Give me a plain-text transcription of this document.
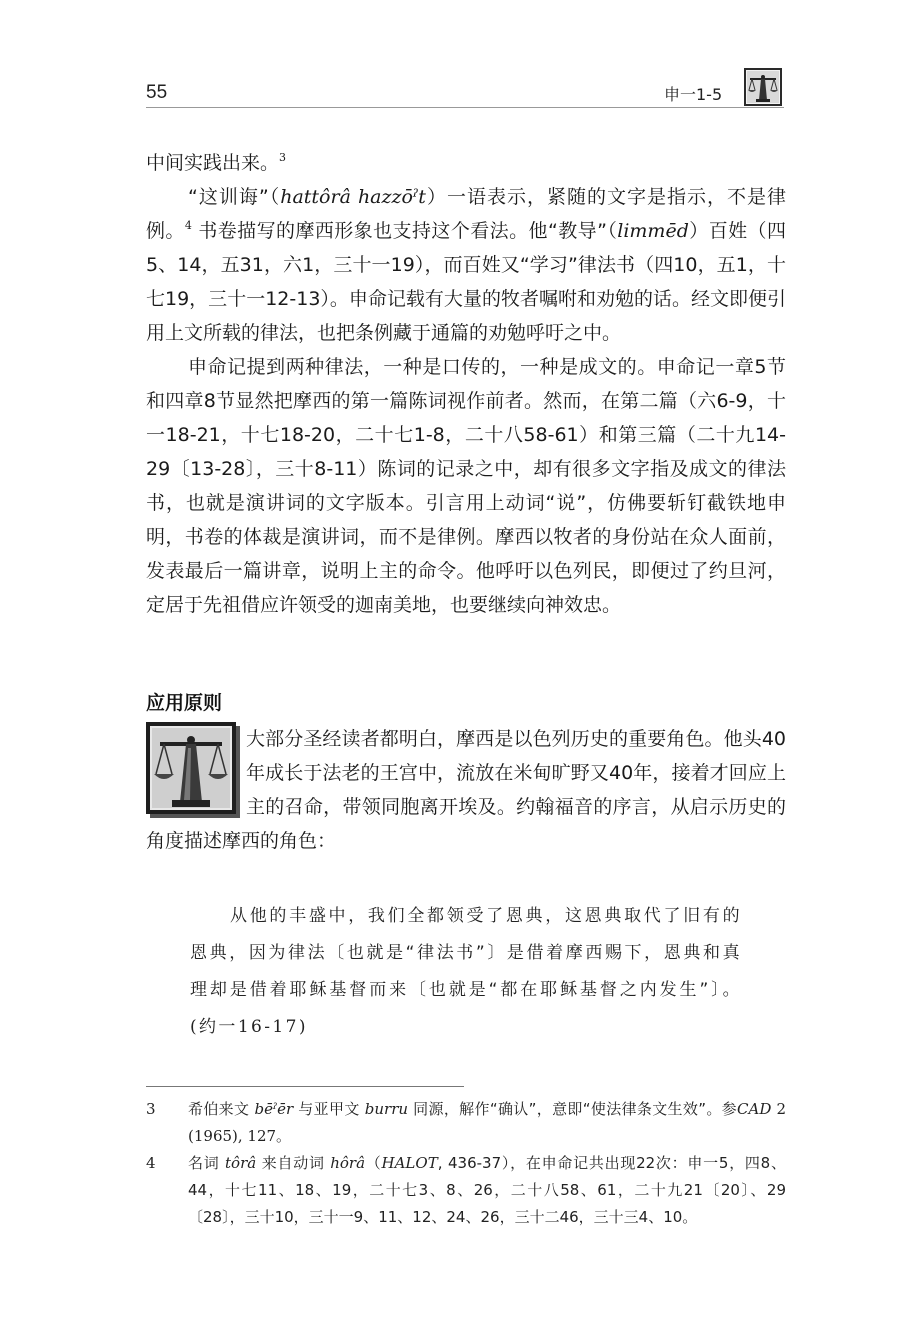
55	申一1-5

中间实践出来。$^3$

“这训诲”（hattôrâ hazzōˀt）一语表示，紧随的文字是指示，不是律例。$^4$ 书卷描写的摩西形象也支持这个看法。他“教导”（limmēd）百姓（四5、14，五31，六1，三十一19），而百姓又“学习”律法书（四10，五1，十七19，三十一12-13）。申命记载有大量的牧者嘱咐和劝勉的话。经文即便引用上文所载的律法，也把条例藏于通篇的劝勉呼吁之中。

申命记提到两种律法，一种是口传的，一种是成文的。申命记一章5节和四章8节显然把摩西的第一篇陈词视作前者。然而，在第二篇（六6-9，十一18-21，十七18-20，二十七1-8，二十八58-61）和第三篇（二十九14-29〔13-28〕，三十8-11）陈词的记录之中，却有很多文字指及成文的律法书，也就是演讲词的文字版本。引言用上动词“说”，仿佛要斩钉截铁地申明，书卷的体裁是演讲词，而不是律例。摩西以牧者的身份站在众人面前，发表最后一篇讲章，说明上主的命令。他呼吁以色列民，即便过了约旦河，定居于先祖借应许领受的迦南美地，也要继续向神效忠。

应用原则

大部分圣经读者都明白，摩西是以色列历史的重要角色。他头40年成长于法老的王宫中，流放在米甸旷野又40年，接着才回应上主的召命，带领同胞离开埃及。约翰福音的序言，从启示历史的角度描述摩西的角色：

从他的丰盛中，我们全都领受了恩典，这恩典取代了旧有的恩典，因为律法〔也就是“律法书”〕是借着摩西赐下，恩典和真理却是借着耶稣基督而来〔也就是“都在耶稣基督之内发生”〕。(约一16-17)

3	希伯来文 bēˀēr 与亚甲文 burru 同源，解作“确认”，意即“使法律条文生效”。参CAD 2 (1965), 127。
4	名词 tôrâ 来自动词 hôrâ（HALOT, 436-37），在申命记共出现22次：申一5，四8、44，十七11、18、19，二十七3、8、26，二十八58、61，二十九21〔20〕、29〔28〕，三十10，三十一9、11、12、24、26，三十二46，三十三4、10。
